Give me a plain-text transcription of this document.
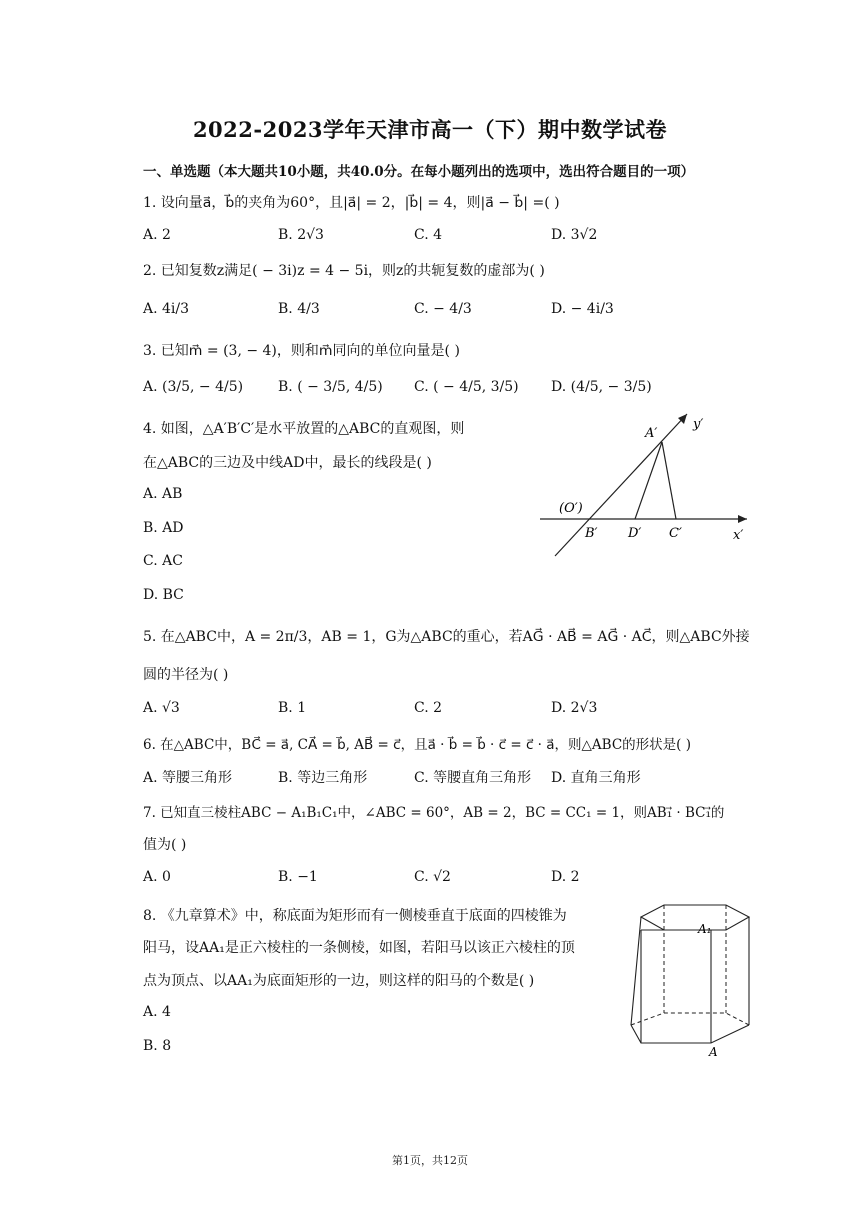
2022-2023学年天津市高一（下）期中数学试卷
一、单选题（本大题共10小题，共40.0分。在每小题列出的选项中，选出符合题目的一项）
1. 设向量a⃗，b⃗的夹角为60°，且|a⃗| = 2，|b⃗| = 4，则|a⃗ − b⃗| =( )
A. 2	B. 2√3	C. 4	D. 3√2
2. 已知复数z满足( − 3i)z = 4 − 5i，则z的共轭复数的虚部为( )
A. 4i/3	B. 4/3	C. − 4/3	D. − 4i/3
3. 已知m⃗ = (3, − 4)，则和m⃗同向的单位向量是( )
A. (3/5, − 4/5) B. ( − 3/5, 4/5) C. ( − 4/5, 3/5) D. (4/5, − 3/5)
4. 如图，△A′B′C′是水平放置的△ABC的直观图，则
在△ABC的三边及中线AD中，最长的线段是( )
A. AB
B. AD
C. AC
D. BC
A′
y′
(O′)
B′ D′ C′	x′
5. 在△ABC中，A = 2π/3，AB = 1，G为△ABC的重心，若AG⃗ · AB⃗ = AG⃗ · AC⃗，则△ABC外接
圆的半径为( )
A. √3	B. 1	C. 2	D. 2√3
6. 在△ABC中，BC⃗ = a⃗, CA⃗ = b⃗, AB⃗ = c⃗，且a⃗ · b⃗ = b⃗ · c⃗ = c⃗ · a⃗，则△ABC的形状是( )
A. 等腰三角形	B. 等边三角形	C. 等腰直角三角形 D. 直角三角形
7. 已知直三棱柱ABC − A₁B₁C₁中，∠ABC = 60°，AB = 2，BC = CC₁ = 1，则AB₁⃗ · BC₁⃗的
值为( )
A. 0	B. −1	C. √2	D. 2
8. 《九章算术》中，称底面为矩形而有一侧棱垂直于底面的四棱锥为
阳马，设AA₁是正六棱柱的一条侧棱，如图，若阳马以该正六棱柱的顶
点为顶点、以AA₁为底面矩形的一边，则这样的阳马的个数是( )
A. 4
B. 8
A₁
A
第1页，共12页
